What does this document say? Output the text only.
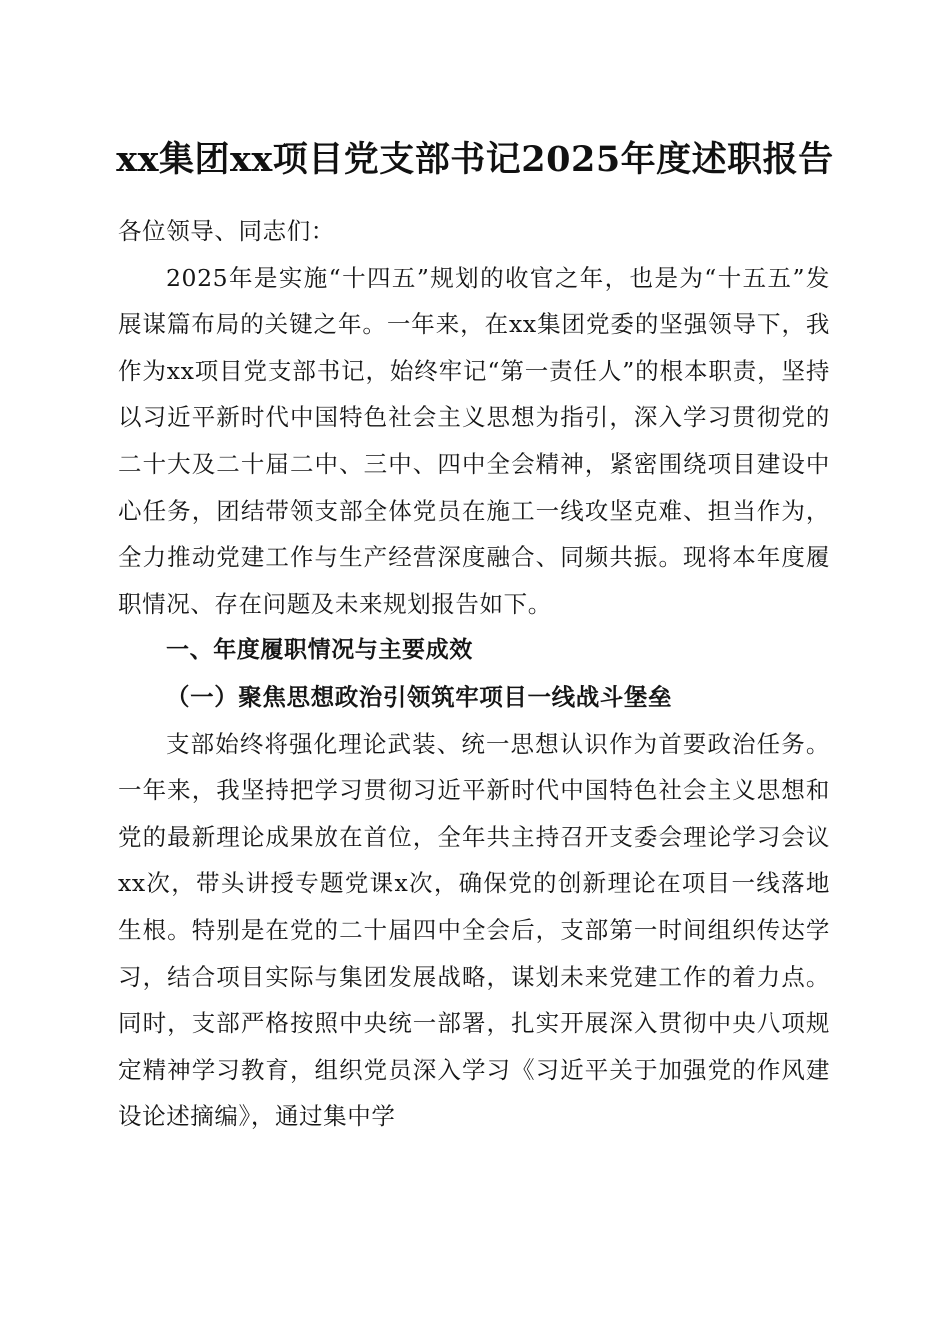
xx集团xx项目党支部书记2025年度述职报告

各位领导、同志们：

2025年是实施“十四五”规划的收官之年，也是为“十五五”发展谋篇布局的关键之年。一年来，在xx集团党委的坚强领导下，我作为xx项目党支部书记，始终牢记“第一责任人”的根本职责，坚持以习近平新时代中国特色社会主义思想为指引，深入学习贯彻党的二十大及二十届二中、三中、四中全会精神，紧密围绕项目建设中心任务，团结带领支部全体党员在施工一线攻坚克难、担当作为，全力推动党建工作与生产经营深度融合、同频共振。现将本年度履职情况、存在问题及未来规划报告如下。

一、年度履职情况与主要成效

（一）聚焦思想政治引领筑牢项目一线战斗堡垒

支部始终将强化理论武装、统一思想认识作为首要政治任务。一年来，我坚持把学习贯彻习近平新时代中国特色社会主义思想和党的最新理论成果放在首位，全年共主持召开支委会理论学习会议xx次，带头讲授专题党课x次，确保党的创新理论在项目一线落地生根。特别是在党的二十届四中全会后，支部第一时间组织传达学习，结合项目实际与集团发展战略，谋划未来党建工作的着力点。同时，支部严格按照中央统一部署，扎实开展深入贯彻中央八项规定精神学习教育，组织党员深入学习《习近平关于加强党的作风建设论述摘编》，通过集中学
